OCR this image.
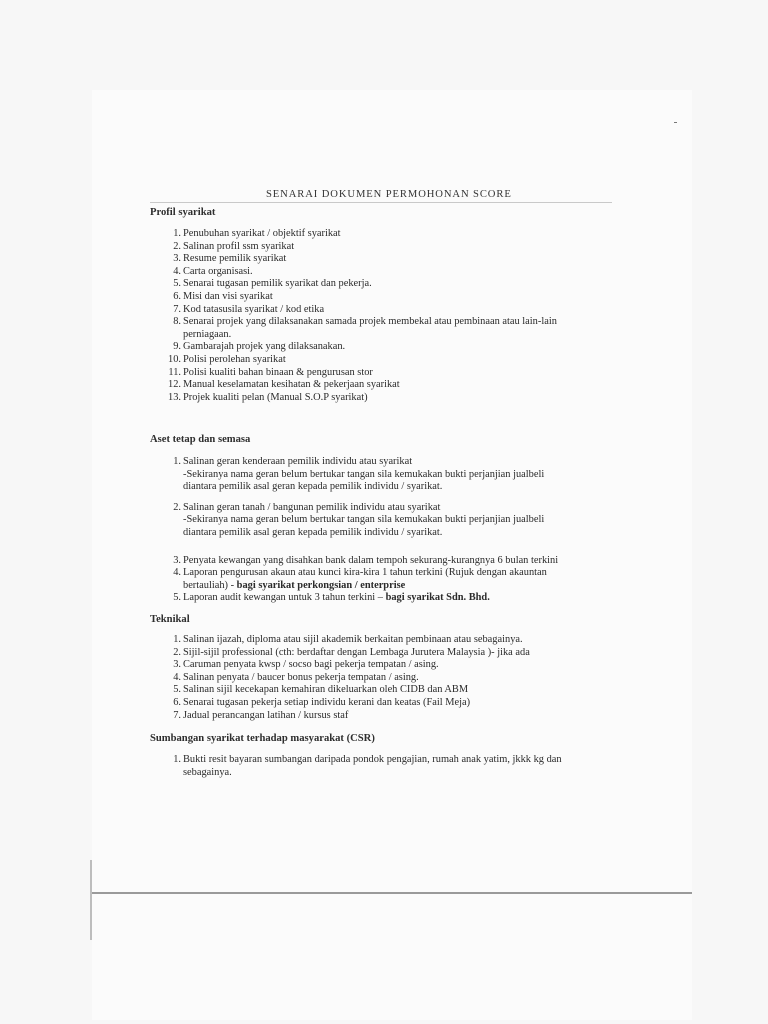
SENARAI DOKUMEN PERMOHONAN SCORE
Profil syarikat
1. Penubuhan syarikat / objektif syarikat
2. Salinan profil ssm syarikat
3. Resume pemilik syarikat
4. Carta organisasi.
5. Senarai tugasan pemilik syarikat dan pekerja.
6. Misi dan visi syarikat
7. Kod tatasusila syarikat / kod etika
8. Senarai projek yang dilaksanakan samada projek membekal atau pembinaan atau lain-lain
perniagaan.
9. Gambarajah projek yang dilaksanakan.
10. Polisi perolehan syarikat
11. Polisi kualiti bahan binaan & pengurusan stor
12. Manual keselamatan kesihatan & pekerjaan syarikat
13. Projek kualiti pelan (Manual S.O.P syarikat)
Aset tetap dan semasa
1. Salinan geran kenderaan pemilik individu atau syarikat
-Sekiranya nama geran belum bertukar tangan sila kemukakan bukti perjanjian jualbeli
diantara pemilik asal geran kepada pemilik individu / syarikat.
2. Salinan geran tanah / bangunan pemilik individu atau syarikat
-Sekiranya nama geran belum bertukar tangan sila kemukakan bukti perjanjian jualbeli
diantara pemilik asal geran kepada pemilik individu / syarikat.
3. Penyata kewangan yang disahkan bank dalam tempoh sekurang-kurangnya 6 bulan terkini
4. Laporan pengurusan akaun atau kunci kira-kira 1 tahun terkini (Rujuk dengan akauntan
bertauliah) - bagi syarikat perkongsian / enterprise
5. Laporan audit kewangan untuk 3 tahun terkini – bagi syarikat Sdn. Bhd.
Teknikal
1. Salinan ijazah, diploma atau sijil akademik berkaitan pembinaan atau sebagainya.
2. Sijil-sijil professional (cth: berdaftar dengan Lembaga Jurutera Malaysia )- jika ada
3. Caruman penyata kwsp / socso bagi pekerja tempatan / asing.
4. Salinan penyata / baucer bonus pekerja tempatan / asing.
5. Salinan sijil kecekapan kemahiran dikeluarkan oleh CIDB dan ABM
6. Senarai tugasan pekerja setiap individu kerani dan keatas (Fail Meja)
7. Jadual perancangan latihan / kursus staf
Sumbangan syarikat terhadap masyarakat (CSR)
1. Bukti resit bayaran sumbangan daripada pondok pengajian, rumah anak yatim, jkkk kg dan
sebagainya.
